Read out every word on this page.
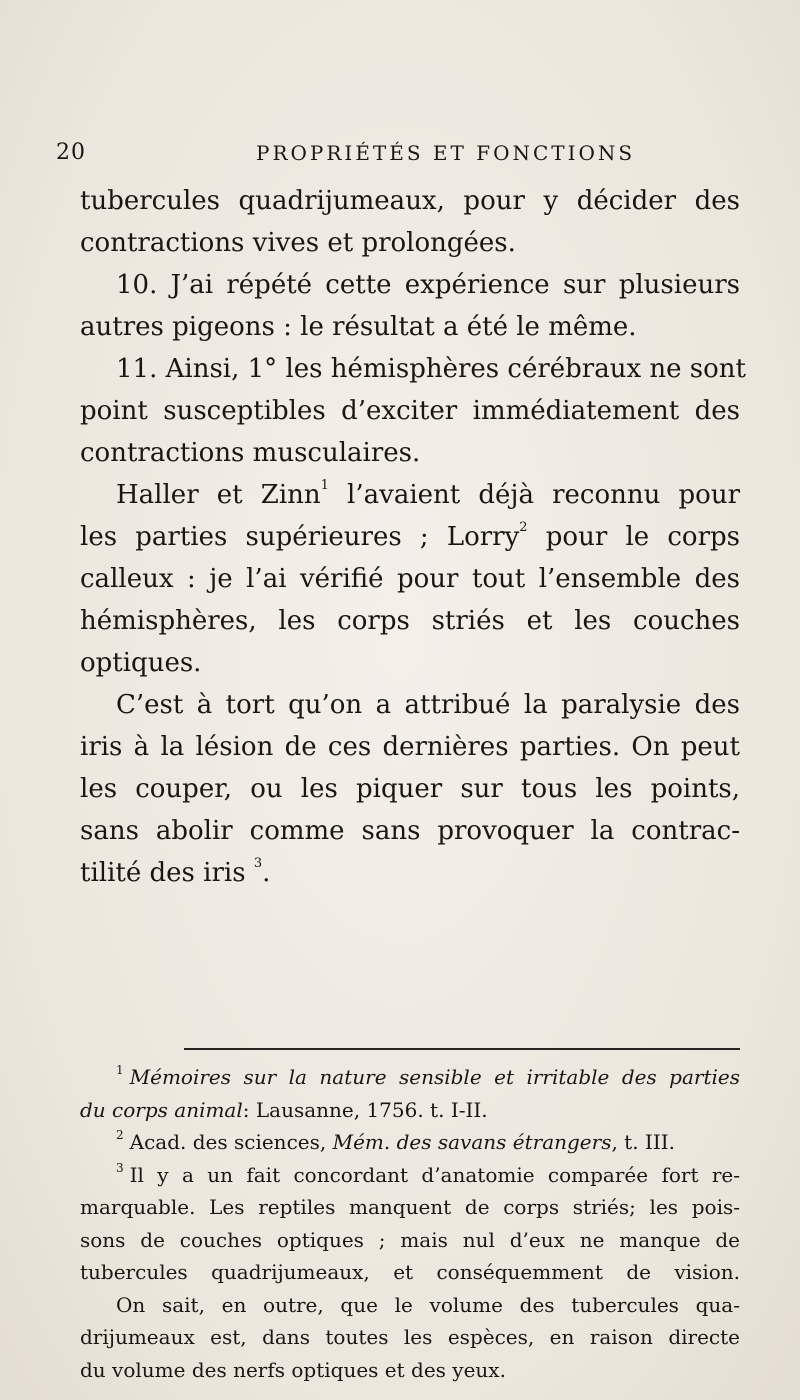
20	PROPRIÉTÉS ET FONCTIONS
tubercules quadrijumeaux, pour y décider des
contractions vives et prolongées.
10. J’ai répété cette expérience sur plusieurs
autres pigeons : le résultat a été le même.
11. Ainsi, 1° les hémisphères cérébraux ne sont
point susceptibles d’exciter immédiatement des
contractions musculaires.
Haller et Zinn$^1$ l’avaient déjà reconnu pour
les parties supérieures ; Lorry$^2$ pour le corps
calleux : je l’ai vérifié pour tout l’ensemble des
hémisphères, les corps striés et les couches
optiques.
C’est à tort qu’on a attribué la paralysie des
iris à la lésion de ces dernières parties. On peut
les couper, ou les piquer sur tous les points,
sans abolir comme sans provoquer la contrac-
tilité des iris $^3$.
$^1$ Mémoires sur la nature sensible et irritable des parties
du corps animal: Lausanne, 1756. t. I-II.
$^2$ Acad. des sciences, Mém. des savans étrangers, t. III.
$^3$ Il y a un fait concordant d’anatomie comparée fort re-
marquable. Les reptiles manquent de corps striés; les pois-
sons de couches optiques ; mais nul d’eux ne manque de
tubercules quadrijumeaux, et conséquemment de vision.
On sait, en outre, que le volume des tubercules qua-
drijumeaux est, dans toutes les espèces, en raison directe
du volume des nerfs optiques et des yeux.
